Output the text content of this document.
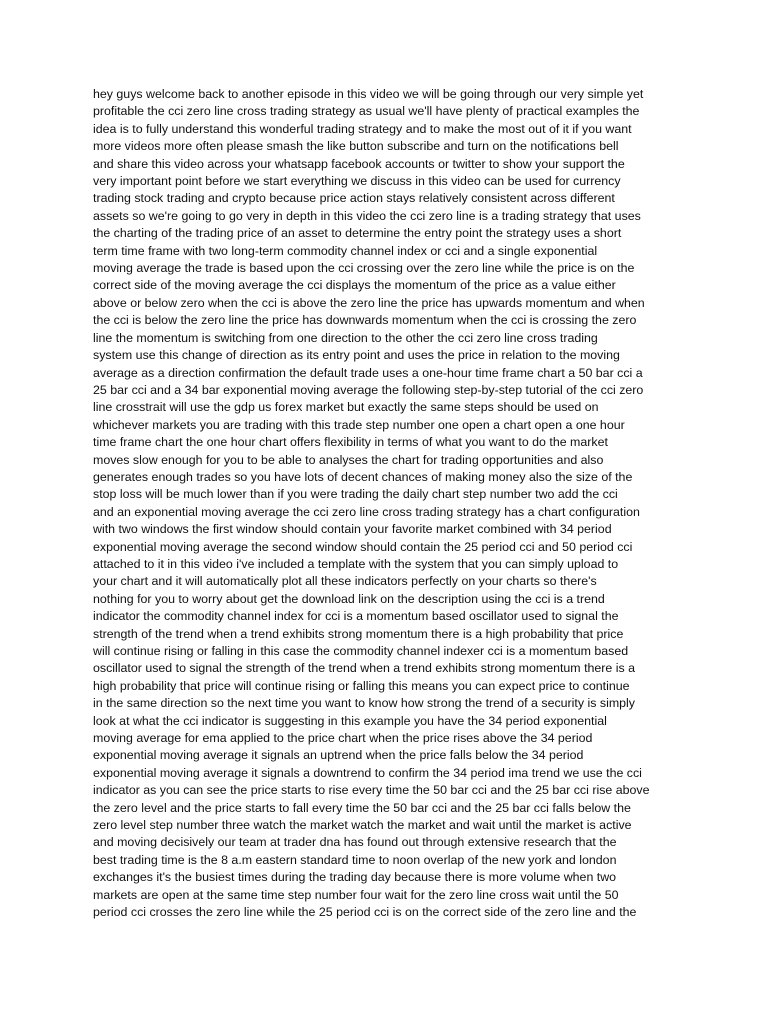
hey guys welcome back to another episode in this video we will be going through our very simple yet
profitable the cci zero line cross trading strategy as usual we'll have plenty of practical examples the
idea is to fully understand this wonderful trading strategy and to make the most out of it if you want
more videos more often please smash the like button subscribe and turn on the notifications bell
and share this video across your whatsapp facebook accounts or twitter to show your support the
very important point before we start everything we discuss in this video can be used for currency
trading stock trading and crypto because price action stays relatively consistent across different
assets so we're going to go very in depth in this video the cci zero line is a trading strategy that uses
the charting of the trading price of an asset to determine the entry point the strategy uses a short
term time frame with two long-term commodity channel index or cci and a single exponential
moving average the trade is based upon the cci crossing over the zero line while the price is on the
correct side of the moving average the cci displays the momentum of the price as a value either
above or below zero when the cci is above the zero line the price has upwards momentum and when
the cci is below the zero line the price has downwards momentum when the cci is crossing the zero
line the momentum is switching from one direction to the other the cci zero line cross trading
system use this change of direction as its entry point and uses the price in relation to the moving
average as a direction confirmation the default trade uses a one-hour time frame chart a 50 bar cci a
25 bar cci and a 34 bar exponential moving average the following step-by-step tutorial of the cci zero
line crosstrait will use the gdp us forex market but exactly the same steps should be used on
whichever markets you are trading with this trade step number one open a chart open a one hour
time frame chart the one hour chart offers flexibility in terms of what you want to do the market
moves slow enough for you to be able to analyses the chart for trading opportunities and also
generates enough trades so you have lots of decent chances of making money also the size of the
stop loss will be much lower than if you were trading the daily chart step number two add the cci
and an exponential moving average the cci zero line cross trading strategy has a chart configuration
with two windows the first window should contain your favorite market combined with 34 period
exponential moving average the second window should contain the 25 period cci and 50 period cci
attached to it in this video i've included a template with the system that you can simply upload to
your chart and it will automatically plot all these indicators perfectly on your charts so there's
nothing for you to worry about get the download link on the description using the cci is a trend
indicator the commodity channel index for cci is a momentum based oscillator used to signal the
strength of the trend when a trend exhibits strong momentum there is a high probability that price
will continue rising or falling in this case the commodity channel indexer cci is a momentum based
oscillator used to signal the strength of the trend when a trend exhibits strong momentum there is a
high probability that price will continue rising or falling this means you can expect price to continue
in the same direction so the next time you want to know how strong the trend of a security is simply
look at what the cci indicator is suggesting in this example you have the 34 period exponential
moving average for ema applied to the price chart when the price rises above the 34 period
exponential moving average it signals an uptrend when the price falls below the 34 period
exponential moving average it signals a downtrend to confirm the 34 period ima trend we use the cci
indicator as you can see the price starts to rise every time the 50 bar cci and the 25 bar cci rise above
the zero level and the price starts to fall every time the 50 bar cci and the 25 bar cci falls below the
zero level step number three watch the market watch the market and wait until the market is active
and moving decisively our team at trader dna has found out through extensive research that the
best trading time is the 8 a.m eastern standard time to noon overlap of the new york and london
exchanges it's the busiest times during the trading day because there is more volume when two
markets are open at the same time step number four wait for the zero line cross wait until the 50
period cci crosses the zero line while the 25 period cci is on the correct side of the zero line and the
